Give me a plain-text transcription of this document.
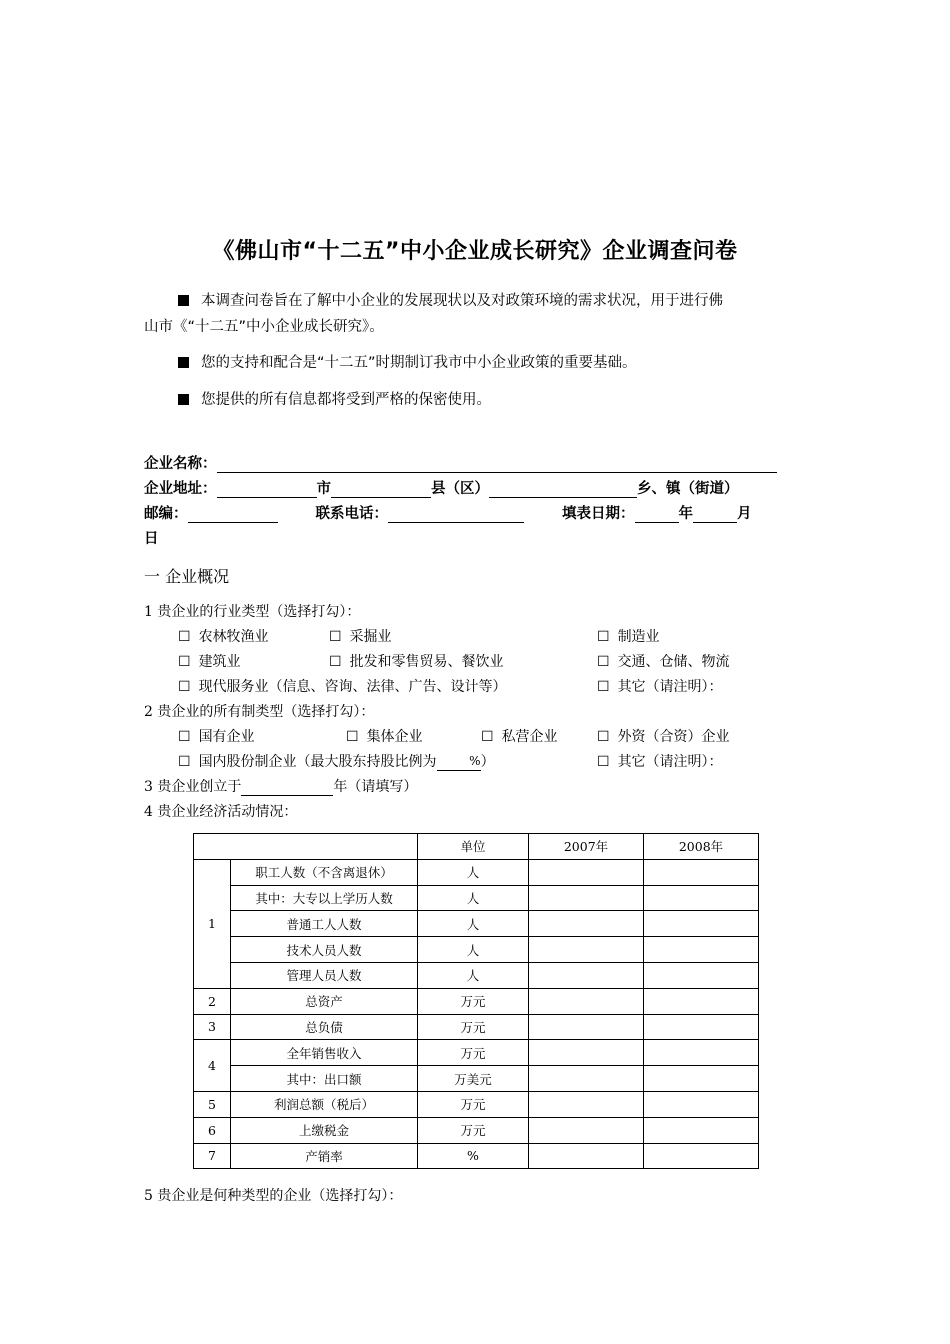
《佛山市“十二五”中小企业成长研究》企业调查问卷
本调查问卷旨在了解中小企业的发展现状以及对政策环境的需求状况，用于进行佛
山市《“十二五”中小企业成长研究》。
您的支持和配合是“十二五”时期制订我市中小企业政策的重要基础。
您提供的所有信息都将受到严格的保密使用。
企业名称：
企业地址：	市	县（区）	乡、镇（街道）
邮编：	联系电话：	填表日期：	年	月
日
一 企业概况
1 贵企业的行业类型（选择打勾）：
☐ 农林牧渔业	☐ 采掘业	☐ 制造业
☐ 建筑业	☐ 批发和零售贸易、餐饮业	☐ 交通、仓储、物流
☐ 现代服务业（信息、咨询、法律、广告、设计等）	☐ 其它（请注明）：
2 贵企业的所有制类型（选择打勾）：
☐ 国有企业	☐ 集体企业	☐ 私营企业	☐ 外资（合资）企业
☐ 国内股份制企业（最大股东持股比例为	%）	☐ 其它（请注明）：
3 贵企业创立于	年（请填写）
4 贵企业经济活动情况：
		单位	2007年	2008年
1	职工人数（不含离退休）	人		
	其中：大专以上学历人数	人		
	普通工人人数	人		
	技术人员人数	人		
	管理人员人数	人		
2	总资产	万元		
3	总负债	万元		
4	全年销售收入	万元		
	其中：出口额	万美元		
5	利润总额（税后）	万元		
6	上缴税金	万元		
7	产销率	%		
5 贵企业是何种类型的企业（选择打勾）：
